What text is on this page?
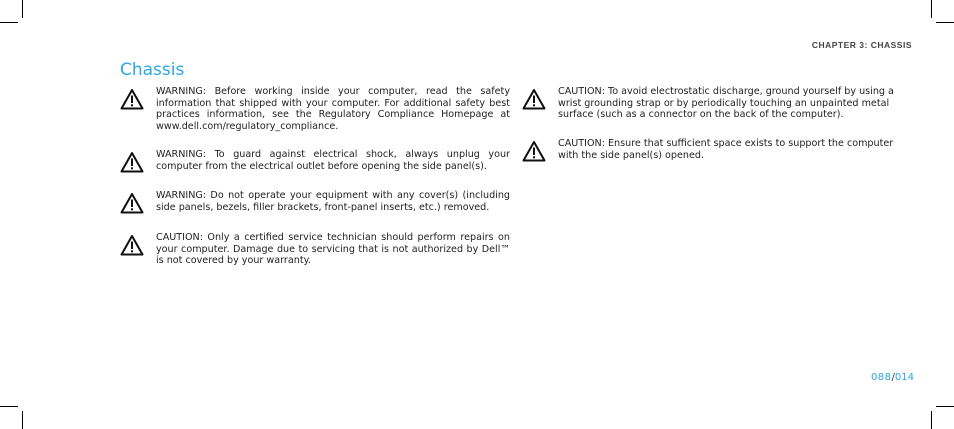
CHAPTER 3: CHASSIS
Chassis
WARNING: Before working inside your computer, read the safety information that shipped with your computer. For additional safety best practices information, see the Regulatory Compliance Homepage at www.dell.com/regulatory_compliance.
WARNING: To guard against electrical shock, always unplug your computer from the electrical outlet before opening the side panel(s).
WARNING: Do not operate your equipment with any cover(s) (including side panels, bezels, filler brackets, front-panel inserts, etc.) removed.
CAUTION: Only a certified service technician should perform repairs on your computer. Damage due to servicing that is not authorized by Dell™ is not covered by your warranty.
CAUTION: To avoid electrostatic discharge, ground yourself by using a wrist grounding strap or by periodically touching an unpainted metal surface (such as a connector on the back of the computer).
CAUTION: Ensure that sufficient space exists to support the computer with the side panel(s) opened.
088/014
